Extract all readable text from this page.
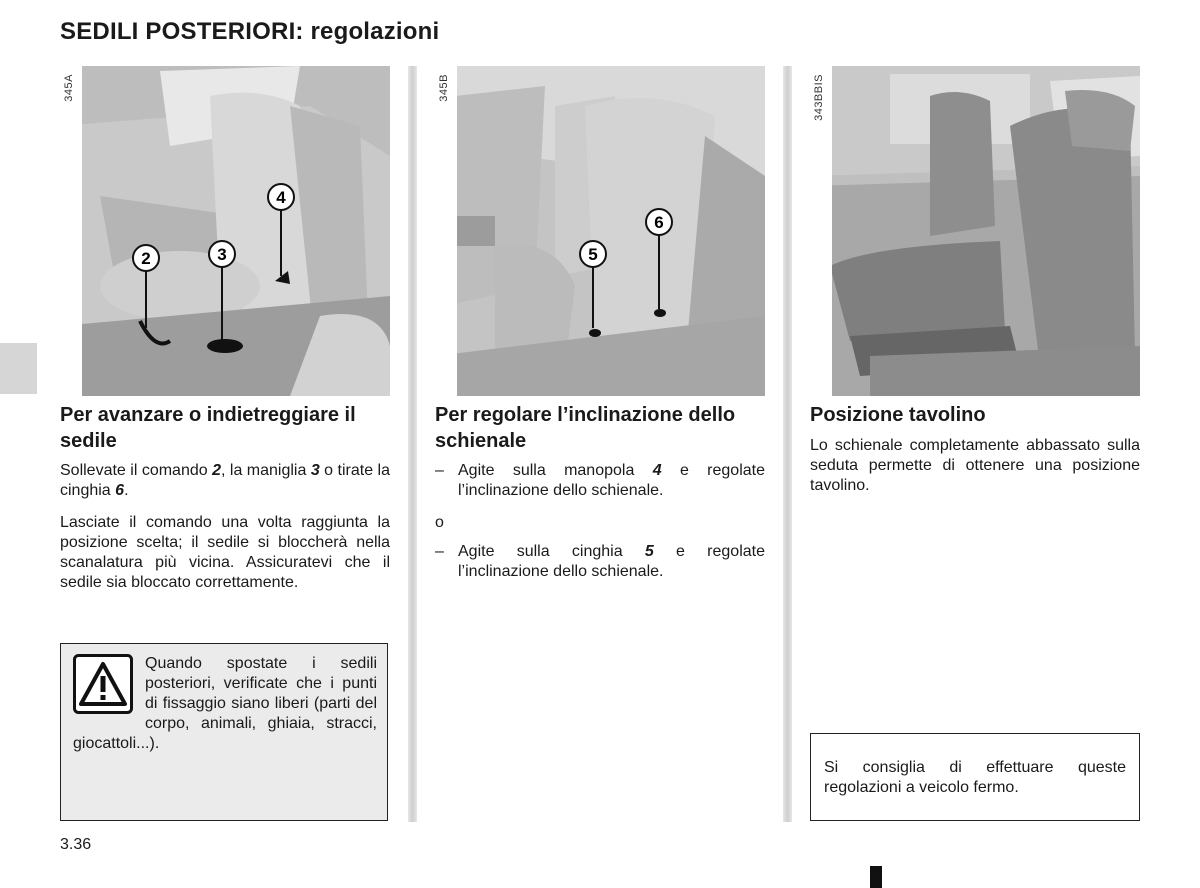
SEDILI POSTERIORI: regolazioni
2	3
4
345A
5
6
345B	343BBIS
Per avanzare o indietreggiare il sedile
Sollevate il comando 2, la maniglia 3 o tirate la cinghia 6.
Lasciate il comando una volta raggiunta la posizione scelta; il sedile si bloccherà nella scanalatura più vicina. Assicuratevi che il sedile sia bloccato correttamente.
Quando spostate i sedili posteriori, verificate che i punti di fissaggio siano liberi (parti del corpo, animali, ghiaia, stracci, giocattoli...).
Per regolare l’inclinazione dello schienale
– Agite sulla manopola 4 e regolate l’inclinazione dello schienale.
o
– Agite sulla cinghia 5 e regolate l’inclinazione dello schienale.
Posizione tavolino
Lo schienale completamente abbassato sulla seduta permette di ottenere una posizione tavolino.
Si consiglia di effettuare queste regolazioni a veicolo fermo.
3.36
